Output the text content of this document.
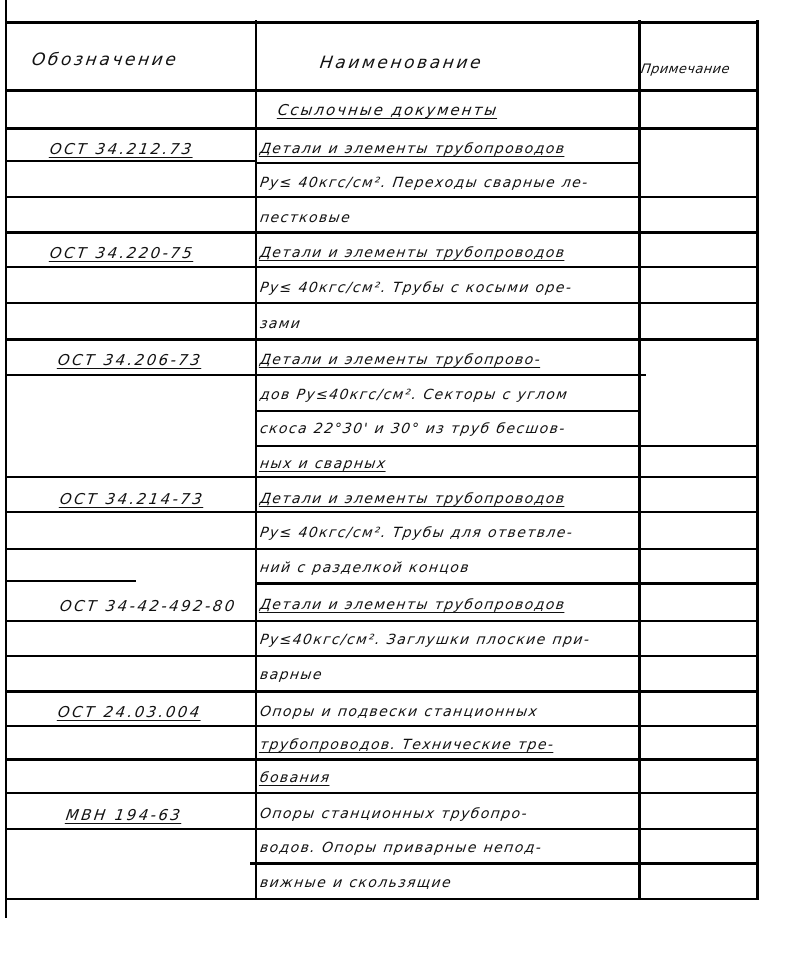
Обозначение	Наименование	Примечание
Ссылочные документы
ОСТ 34.212.73	Детали и элементы трубопроводов
Ру≤ 40кгс/см². Переходы сварные ле-
пестковые
ОСТ 34.220-75	Детали и элементы трубопроводов
Ру≤ 40кгс/см². Трубы с косыми оре-
зами
ОСТ 34.206-73	Детали и элементы трубопрово-
дов Ру≤40кгс/см². Секторы с углом
скоса 22°30' и 30° из труб бесшов-
ных и сварных
ОСТ 34.214-73	Детали и элементы трубопроводов
Ру≤ 40кгс/см². Трубы для ответвле-
ний с разделкой концов
ОСТ 34-42-492-80 Детали и элементы трубопроводов
Ру≤40кгс/см². Заглушки плоские при-
варные
ОСТ 24.03.004	Опоры и подвески станционных
трубопроводов. Технические тре-
бования
МВН 194-63	Опоры станционных трубопро-
водов. Опоры приварные непод-
вижные и скользящие
